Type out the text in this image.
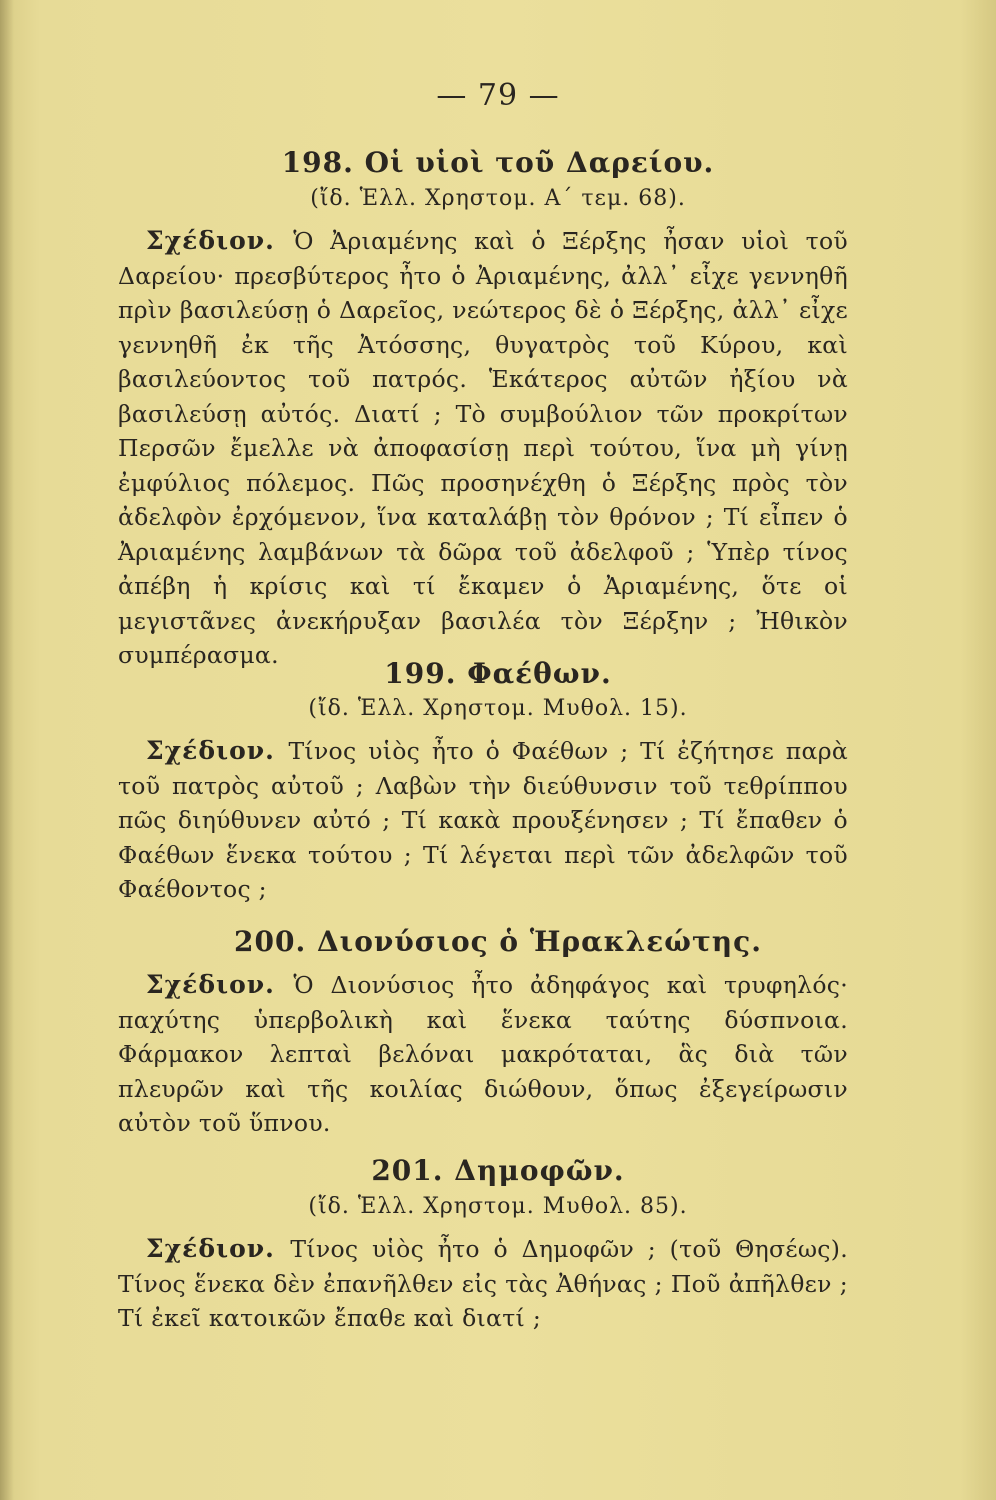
— 79 —
198. Οἱ υἱοὶ τοῦ Δαρείου.
(ἴδ. Ἑλλ. Χρηστομ. Α΄ τεμ. 68).
Σχέδιον. Ὁ Ἀριαμένης καὶ ὁ Ξέρξης ἦσαν υἱοὶ τοῦ Δαρείου· πρεσβύτερος ἦτο ὁ Ἀριαμένης, ἀλλ᾽ εἶχε γεννηθῆ πρὶν βασιλεύσῃ ὁ Δαρεῖος, νεώτερος δὲ ὁ Ξέρξης, ἀλλ᾽ εἶχε γεννηθῆ ἐκ τῆς Ἀτόσσης, θυγατρὸς τοῦ Κύρου, καὶ βασιλεύοντος τοῦ πατρός. Ἑκάτερος αὐτῶν ἠξίου νὰ βασιλεύσῃ αὐτός. Διατί ; Τὸ συμβούλιον τῶν προκρίτων Περσῶν ἔμελλε νὰ ἀποφασίσῃ περὶ τούτου, ἵνα μὴ γίνῃ ἐμφύλιος πόλεμος. Πῶς προσηνέχθη ὁ Ξέρξης πρὸς τὸν ἀδελφὸν ἐρχόμενον, ἵνα καταλάβῃ τὸν θρόνον ; Τί εἶπεν ὁ Ἀριαμένης λαμβάνων τὰ δῶρα τοῦ ἀδελφοῦ ; Ὑπὲρ τίνος ἀπέβη ἡ κρίσις καὶ τί ἔκαμεν ὁ Ἀριαμένης, ὅτε οἱ μεγιστᾶνες ἀνεκήρυξαν βασιλέα τὸν Ξέρξην ; Ἠθικὸν συμπέρασμα.
199. Φαέθων.
(ἴδ. Ἑλλ. Χρηστομ. Μυθολ. 15).
Σχέδιον. Τίνος υἱὸς ἦτο ὁ Φαέθων ; Τί ἐζήτησε παρὰ τοῦ πατρὸς αὐτοῦ ; Λαβὼν τὴν διεύθυνσιν τοῦ τεθρίππου πῶς διηύθυνεν αὐτό ; Τί κακὰ προυξένησεν ; Τί ἔπαθεν ὁ Φαέθων ἕνεκα τούτου ; Τί λέγεται περὶ τῶν ἀδελφῶν τοῦ Φαέθοντος ;
200. Διονύσιος ὁ Ἡρακλεώτης.
Σχέδιον. Ὁ Διονύσιος ἦτο ἀδηφάγος καὶ τρυφηλός· παχύτης ὑπερβολικὴ καὶ ἕνεκα ταύτης δύσπνοια. Φάρμακον λεπταὶ βελόναι μακρόταται, ἃς διὰ τῶν πλευρῶν καὶ τῆς κοιλίας διώθουν, ὅπως ἐξεγείρωσιν αὐτὸν τοῦ ὕπνου.
201. Δημοφῶν.
(ἴδ. Ἑλλ. Χρηστομ. Μυθολ. 85).
Σχέδιον. Τίνος υἱὸς ἦτο ὁ Δημοφῶν ; (τοῦ Θησέως). Τίνος ἕνεκα δὲν ἐπανῆλθεν εἰς τὰς Ἀθήνας ; Ποῦ ἀπῆλθεν ; Τί ἐκεῖ κατοικῶν ἔπαθε καὶ διατί ;
